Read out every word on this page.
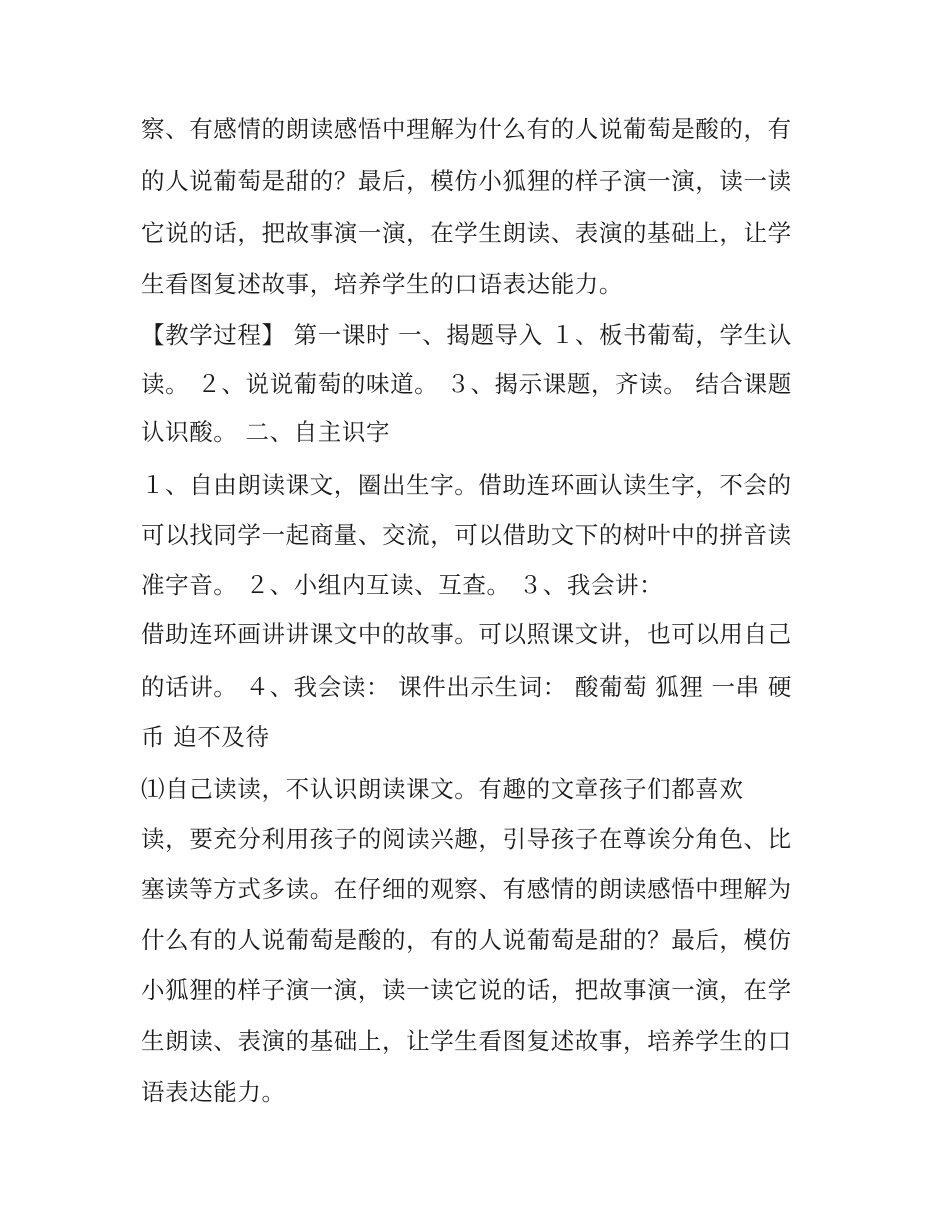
察、有感情的朗读感悟中理解为什么有的人说葡萄是酸的，有
的人说葡萄是甜的？最后，模仿小狐狸的样子演一演，读一读
它说的话，把故事演一演，在学生朗读、表演的基础上，让学
生看图复述故事，培养学生的口语表达能力。
【教学过程】 第一课时 一、揭题导入 １、板书葡萄，学生认
读。 ２、说说葡萄的味道。 ３、揭示课题，齐读。 结合课题
认识酸。 二、自主识字
１、自由朗读课文，圈出生字。借助连环画认读生字，不会的
可以找同学一起商量、交流，可以借助文下的树叶中的拼音读
准字音。 ２、小组内互读、互查。 ３、我会讲：
借助连环画讲讲课文中的故事。可以照课文讲，也可以用自己
的话讲。 ４、我会读： 课件出示生词： 酸葡萄 狐狸 一串 硬
币 迫不及待
⑴自己读读，不认识朗读课文。有趣的文章孩子们都喜欢
读，要充分利用孩子的阅读兴趣，引导孩子在尊诶分角色、比
塞读等方式多读。在仔细的观察、有感情的朗读感悟中理解为
什么有的人说葡萄是酸的，有的人说葡萄是甜的？最后，模仿
小狐狸的样子演一演，读一读它说的话，把故事演一演，在学
生朗读、表演的基础上，让学生看图复述故事，培养学生的口
语表达能力。
